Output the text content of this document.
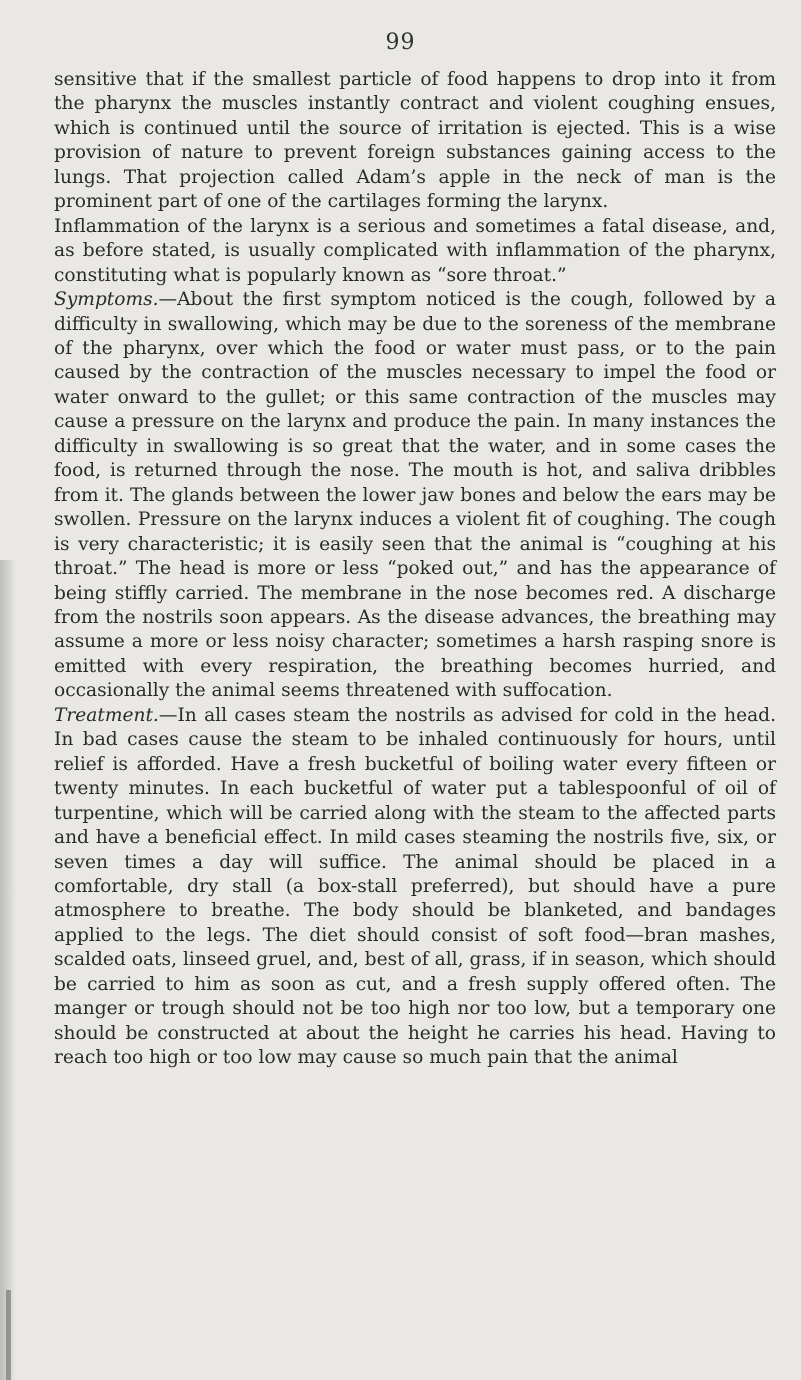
99

sensitive that if the smallest particle of food happens to drop into it from the pharynx the muscles instantly contract and violent coughing ensues, which is continued until the source of irritation is ejected. This is a wise provision of nature to prevent foreign substances gaining access to the lungs. That projection called Adam’s apple in the neck of man is the prominent part of one of the cartilages forming the larynx.

Inflammation of the larynx is a serious and sometimes a fatal disease, and, as before stated, is usually complicated with inflammation of the pharynx, constituting what is popularly known as “sore throat.”

Symptoms.—About the first symptom noticed is the cough, followed by a difficulty in swallowing, which may be due to the soreness of the membrane of the pharynx, over which the food or water must pass, or to the pain caused by the contraction of the muscles necessary to impel the food or water onward to the gullet; or this same contraction of the muscles may cause a pressure on the larynx and produce the pain. In many instances the difficulty in swallowing is so great that the water, and in some cases the food, is returned through the nose. The mouth is hot, and saliva dribbles from it. The glands between the lower jaw bones and below the ears may be swollen. Pressure on the larynx induces a violent fit of coughing. The cough is very characteristic; it is easily seen that the animal is “coughing at his throat.” The head is more or less “poked out,” and has the appearance of being stiffly carried. The membrane in the nose becomes red. A discharge from the nostrils soon appears. As the disease advances, the breathing may assume a more or less noisy character; sometimes a harsh rasping snore is emitted with every respiration, the breathing becomes hurried, and occasionally the animal seems threatened with suffocation.

Treatment.—In all cases steam the nostrils as advised for cold in the head. In bad cases cause the steam to be inhaled continuously for hours, until relief is afforded. Have a fresh bucketful of boiling water every fifteen or twenty minutes. In each bucketful of water put a tablespoonful of oil of turpentine, which will be carried along with the steam to the affected parts and have a beneficial effect. In mild cases steaming the nostrils five, six, or seven times a day will suffice. The animal should be placed in a comfortable, dry stall (a box-stall preferred), but should have a pure atmosphere to breathe. The body should be blanketed, and bandages applied to the legs. The diet should consist of soft food—bran mashes, scalded oats, linseed gruel, and, best of all, grass, if in season, which should be carried to him as soon as cut, and a fresh supply offered often. The manger or trough should not be too high nor too low, but a temporary one should be constructed at about the height he carries his head. Having to reach too high or too low may cause so much pain that the animal
